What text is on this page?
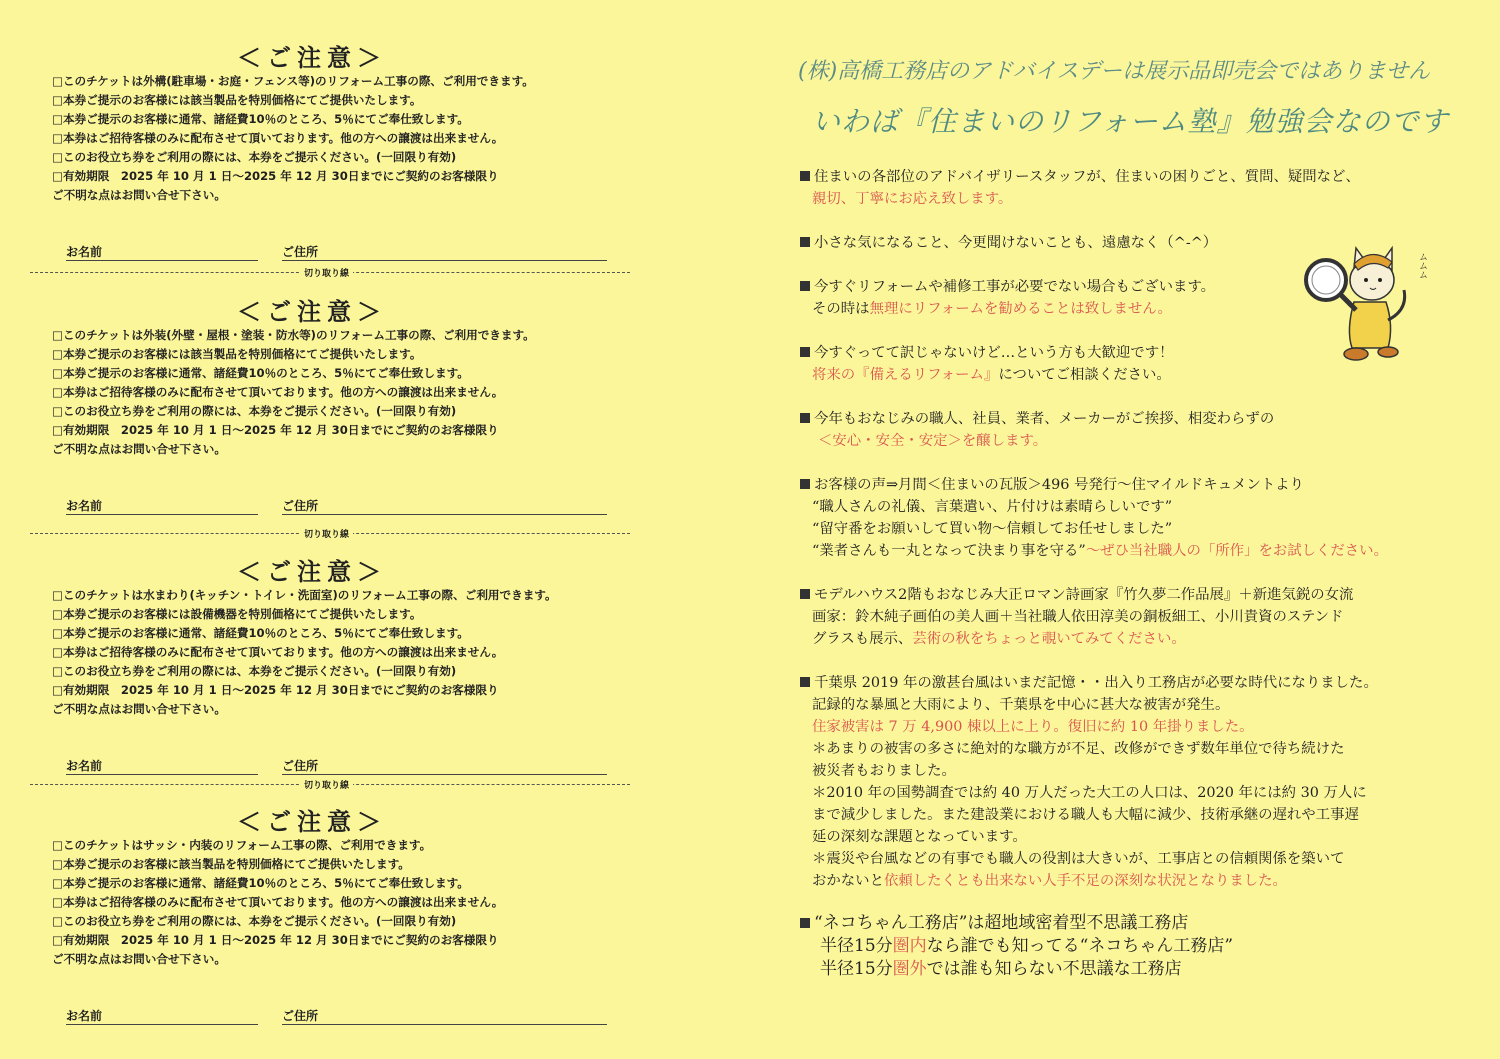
＜ご注意＞
□このチケットは外構(駐車場・お庭・フェンス等)のリフォーム工事の際、ご利用できます。
□本券ご提示のお客様には該当製品を特別価格にてご提供いたします。
□本券ご提示のお客様に通常、諸経費10％のところ、5％にてご奉仕致します。
□本券はご招待客様のみに配布させて頂いております。他の方への譲渡は出来ません。
□このお役立ち券をご利用の際には、本券をご提示ください。(一回限り有効)
□有効期限　2025 年 10 月 1 日～2025 年 12 月 30日までにご契約のお客様限り
ご不明な点はお問い合せ下さい。
お名前	ご住所
切り取り線
＜ご注意＞
□このチケットは外装(外壁・屋根・塗装・防水等)のリフォーム工事の際、ご利用できます。
□本券ご提示のお客様には該当製品を特別価格にてご提供いたします。
□本券ご提示のお客様に通常、諸経費10％のところ、5％にてご奉仕致します。
□本券はご招待客様のみに配布させて頂いております。他の方への譲渡は出来ません。
□このお役立ち券をご利用の際には、本券をご提示ください。(一回限り有効)
□有効期限　2025 年 10 月 1 日～2025 年 12 月 30日までにご契約のお客様限り
ご不明な点はお問い合せ下さい。
お名前	ご住所
切り取り線
＜ご注意＞
□このチケットは水まわり(キッチン・トイレ・洗面室)のリフォーム工事の際、ご利用できます。
□本券ご提示のお客様には設備機器を特別価格にてご提供いたします。
□本券ご提示のお客様に通常、諸経費10％のところ、5％にてご奉仕致します。
□本券はご招待客様のみに配布させて頂いております。他の方への譲渡は出来ません。
□このお役立ち券をご利用の際には、本券をご提示ください。(一回限り有効)
□有効期限　2025 年 10 月 1 日～2025 年 12 月 30日までにご契約のお客様限り
ご不明な点はお問い合せ下さい。
お名前	ご住所
切り取り線
＜ご注意＞
□このチケットはサッシ・内装のリフォーム工事の際、ご利用できます。
□本券ご提示のお客様に該当製品を特別価格にてご提供いたします。
□本券ご提示のお客様に通常、諸経費10％のところ、5％にてご奉仕致します。
□本券はご招待客様のみに配布させて頂いております。他の方への譲渡は出来ません。
□このお役立ち券をご利用の際には、本券をご提示ください。(一回限り有効)
□有効期限　2025 年 10 月 1 日～2025 年 12 月 30日までにご契約のお客様限り
ご不明な点はお問い合せ下さい。
お名前	ご住所
(株)高橋工務店のアドバイスデーは展示品即売会ではありません
いわば『住まいのリフォーム塾』勉強会なのです
住まいの各部位のアドバイザリースタッフが、住まいの困りごと、質問、疑問など、
親切、丁寧にお応え致します。
小さな気になること、今更聞けないことも、遠慮なく（^-^）
今すぐリフォームや補修工事が必要でない場合もございます。
その時は無理にリフォームを勧めることは致しません。
今すぐってて訳じゃないけど…という方も大歓迎です！
将来の『備えるリフォーム』についてご相談ください。
今年もおなじみの職人、社員、業者、メーカーがご挨拶、相変わらずの
＜安心・安全・安定＞を醸します。
お客様の声⇒月間＜住まいの瓦版＞496 号発行～住マイルドキュメントより
“職人さんの礼儀、言葉遣い、片付けは素晴らしいです”
“留守番をお願いして買い物～信頼してお任せしました”
“業者さんも一丸となって決まり事を守る”～ぜひ当社職人の「所作」をお試しください。
モデルハウス2階もおなじみ大正ロマン詩画家『竹久夢二作品展』＋新進気鋭の女流
画家：鈴木純子画伯の美人画＋当社職人依田淳美の銅板細工、小川貴資のステンド
グラスも展示、芸術の秋をちょっと覗いてみてください。
千葉県 2019 年の激甚台風はいまだ記憶・・出入り工務店が必要な時代になりました。
記録的な暴風と大雨により、千葉県を中心に甚大な被害が発生。
住家被害は 7 万 4,900 棟以上に上り。復旧に約 10 年掛りました。
＊あまりの被害の多さに絶対的な職方が不足、改修ができず数年単位で待ち続けた
被災者もおりました。
＊2010 年の国勢調査では約 40 万人だった大工の人口は、2020 年には約 30 万人に
まで減少しました。また建設業における職人も大幅に減少、技術承継の遅れや工事遅
延の深刻な課題となっています。
＊震災や台風などの有事でも職人の役割は大きいが、工事店との信頼関係を築いて
おかないと依頼したくとも出来ない人手不足の深刻な状況となりました。
“ネコちゃん工務店”は超地域密着型不思議工務店
半径15分圏内なら誰でも知ってる“ネコちゃん工務店”
半径15分圏外では誰も知らない不思議な工務店
ムムム
